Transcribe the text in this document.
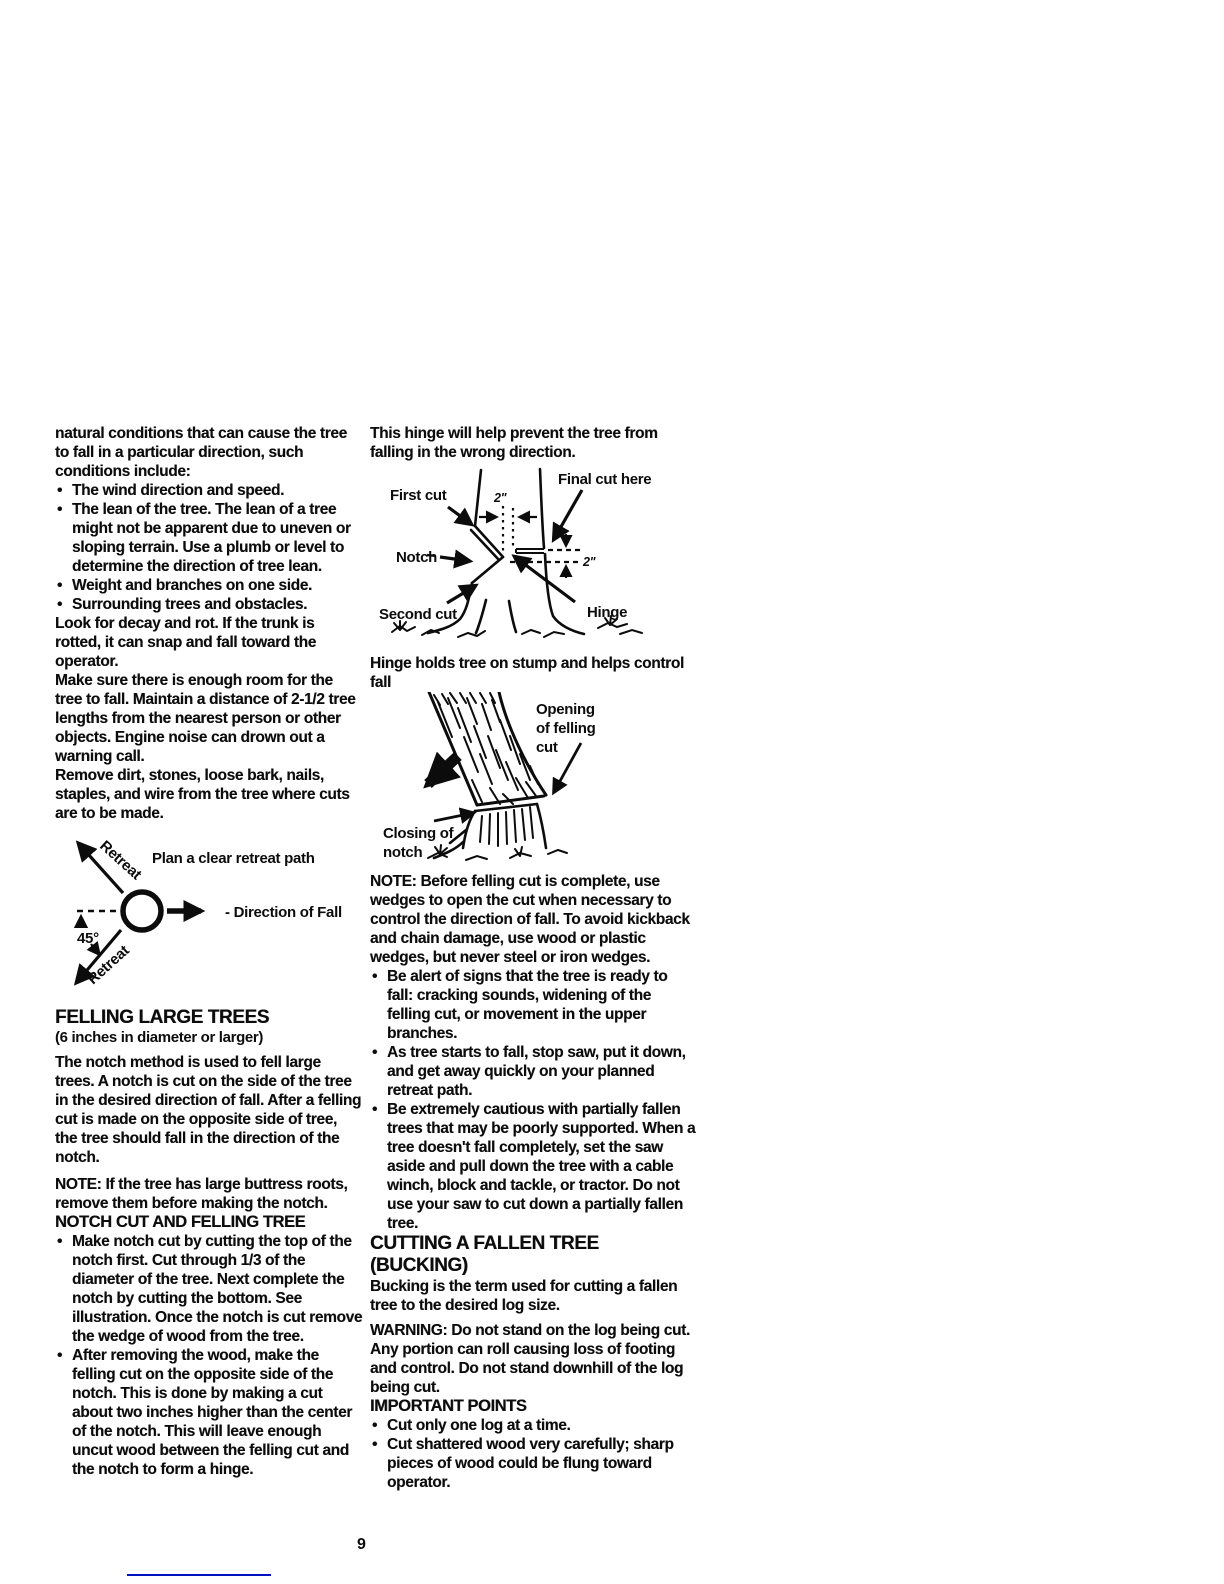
natural conditions that can cause the tree to fall in a particular direction, such conditions include:

• The wind direction and speed.
• The lean of the tree. The lean of a tree might not be apparent due to uneven or sloping terrain. Use a plumb or level to determine the direction of tree lean.
• Weight and branches on one side.
• Surrounding trees and obstacles.

Look for decay and rot. If the trunk is rotted, it can snap and fall toward the operator.

Make sure there is enough room for the tree to fall. Maintain a distance of 2-1/2 tree lengths from the nearest person or other objects. Engine noise can drown out a warning call.

Remove dirt, stones, loose bark, nails, staples, and wire from the tree where cuts are to be made.

Plan a clear retreat path
Retreat
Retreat
45°
- Direction of Fall
FELLING LARGE TREES
(6 inches in diameter or larger)

The notch method is used to fell large trees. A notch is cut on the side of the tree in the desired direction of fall. After a felling cut is made on the opposite side of tree, the tree should fall in the direction of the notch.

NOTE: If the tree has large buttress roots, remove them before making the notch.

NOTCH CUT AND FELLING TREE
• Make notch cut by cutting the top of the notch first. Cut through 1/3 of the diameter of the tree. Next complete the notch by cutting the bottom. See illustration. Once the notch is cut remove the wedge of wood from the tree.
• After removing the wood, make the felling cut on the opposite side of the notch. This is done by making a cut about two inches higher than the center of the notch. This will leave enough uncut wood between the felling cut and the notch to form a hinge.

This hinge will help prevent the tree from falling in the wrong direction.

Final cut here
First cut
Notch
Second cut	Hinge
2"
2"

Hinge holds tree on stump and helps control fall

Opening
of felling
cut
Closing of
notch

NOTE: Before felling cut is complete, use wedges to open the cut when necessary to control the direction of fall. To avoid kickback and chain damage, use wood or plastic wedges, but never steel or iron wedges.

• Be alert of signs that the tree is ready to fall: cracking sounds, widening of the felling cut, or movement in the upper branches.
• As tree starts to fall, stop saw, put it down, and get away quickly on your planned retreat path.
• Be extremely cautious with partially fallen trees that may be poorly supported. When a tree doesn't fall completely, set the saw aside and pull down the tree with a cable winch, block and tackle, or tractor. Do not use your saw to cut down a partially fallen tree.
CUTTING A FALLEN TREE
(BUCKING)

Bucking is the term used for cutting a fallen tree to the desired log size.

WARNING: Do not stand on the log being cut. Any portion can roll causing loss of footing and control. Do not stand downhill of the log being cut.

IMPORTANT POINTS
• Cut only one log at a time.
• Cut shattered wood very carefully; sharp pieces of wood could be flung toward operator.
9
